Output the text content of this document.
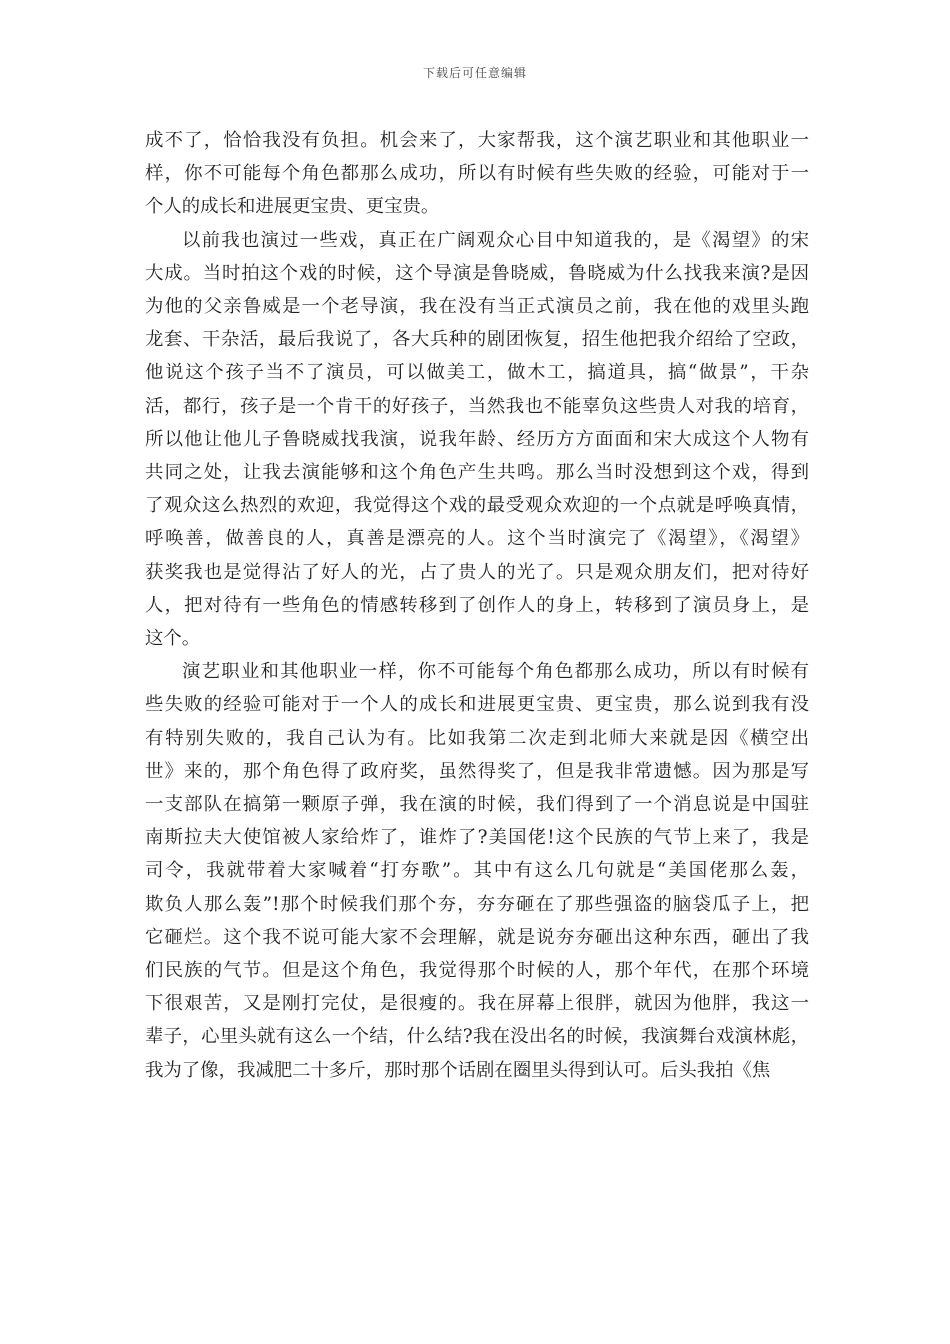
下载后可任意编辑
成不了，恰恰我没有负担。机会来了，大家帮我，这个演艺职业和其他职业一
样，你不可能每个角色都那么成功，所以有时候有些失败的经验，可能对于一
个人的成长和进展更宝贵、更宝贵。
以前我也演过一些戏，真正在广阔观众心目中知道我的，是《渴望》的宋
大成。当时拍这个戏的时候，这个导演是鲁晓威，鲁晓威为什么找我来演?是因
为他的父亲鲁威是一个老导演，我在没有当正式演员之前，我在他的戏里头跑
龙套、干杂活，最后我说了，各大兵种的剧团恢复，招生他把我介绍给了空政，
他说这个孩子当不了演员，可以做美工，做木工，搞道具，搞“做景”，干杂
活，都行，孩子是一个肯干的好孩子，当然我也不能辜负这些贵人对我的培育，
所以他让他儿子鲁晓威找我演，说我年龄、经历方方面面和宋大成这个人物有
共同之处，让我去演能够和这个角色产生共鸣。那么当时没想到这个戏，得到
了观众这么热烈的欢迎，我觉得这个戏的最受观众欢迎的一个点就是呼唤真情，
呼唤善，做善良的人，真善是漂亮的人。这个当时演完了《渴望》，《渴望》
获奖我也是觉得沾了好人的光，占了贵人的光了。只是观众朋友们，把对待好
人，把对待有一些角色的情感转移到了创作人的身上，转移到了演员身上，是
这个。
演艺职业和其他职业一样，你不可能每个角色都那么成功，所以有时候有
些失败的经验可能对于一个人的成长和进展更宝贵、更宝贵，那么说到我有没
有特别失败的，我自己认为有。比如我第二次走到北师大来就是因《横空出
世》来的，那个角色得了政府奖，虽然得奖了，但是我非常遗憾。因为那是写
一支部队在搞第一颗原子弹，我在演的时候，我们得到了一个消息说是中国驻
南斯拉夫大使馆被人家给炸了，谁炸了?美国佬!这个民族的气节上来了，我是
司令，我就带着大家喊着“打夯歌”。其中有这么几句就是“美国佬那么轰，
欺负人那么轰”!那个时候我们那个夯，夯夯砸在了那些强盗的脑袋瓜子上，把
它砸烂。这个我不说可能大家不会理解，就是说夯夯砸出这种东西，砸出了我
们民族的气节。但是这个角色，我觉得那个时候的人，那个年代，在那个环境
下很艰苦，又是刚打完仗，是很瘦的。我在屏幕上很胖，就因为他胖，我这一
辈子，心里头就有这么一个结，什么结?我在没出名的时候，我演舞台戏演林彪，
我为了像，我减肥二十多斤，那时那个话剧在圈里头得到认可。后头我拍《焦
